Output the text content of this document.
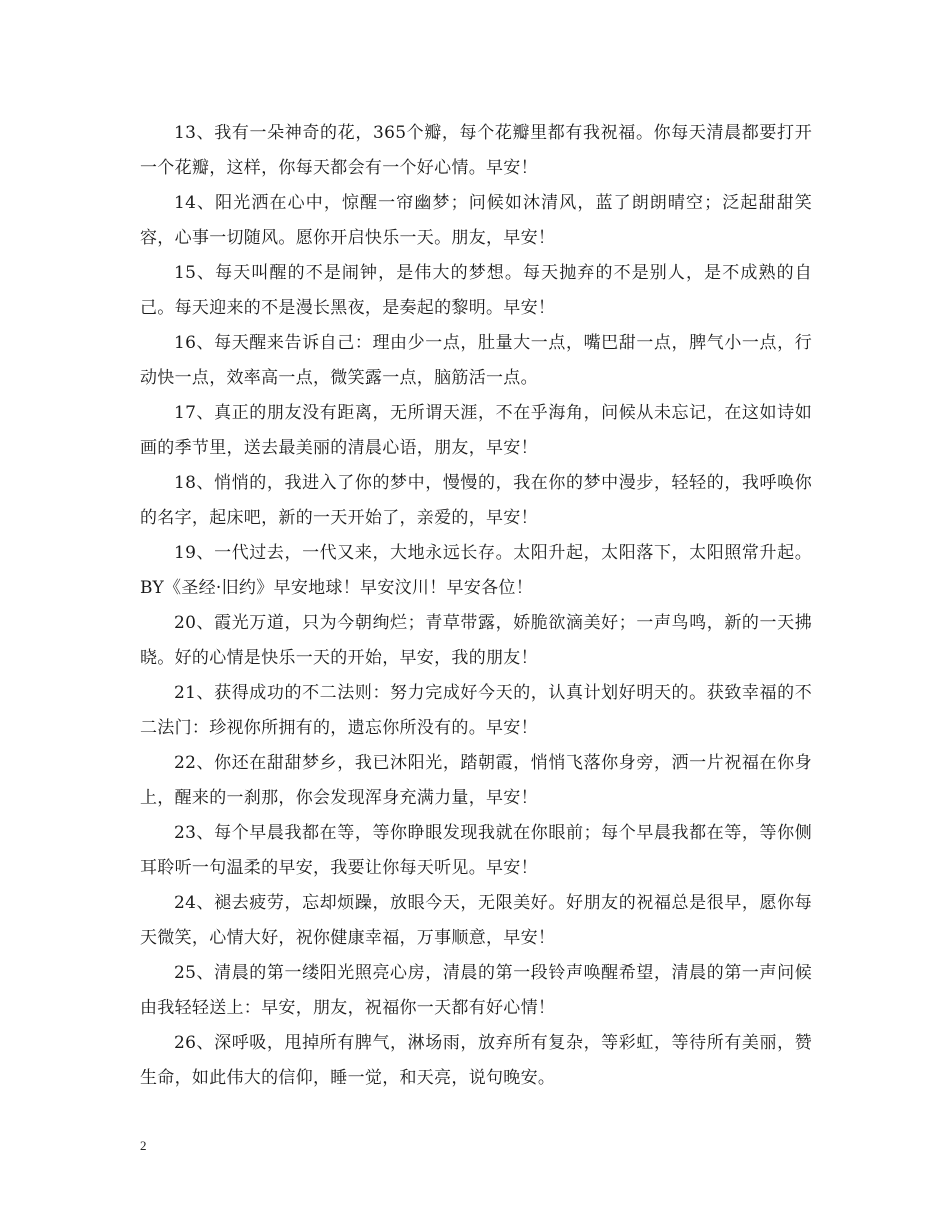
13、我有一朵神奇的花，365个瓣，每个花瓣里都有我祝福。你每天清晨都要打开一个花瓣，这样，你每天都会有一个好心情。早安！

14、阳光洒在心中，惊醒一帘幽梦；问候如沐清风，蓝了朗朗晴空；泛起甜甜笑容，心事一切随风。愿你开启快乐一天。朋友，早安！

15、每天叫醒的不是闹钟，是伟大的梦想。每天抛弃的不是别人，是不成熟的自己。每天迎来的不是漫长黑夜，是奏起的黎明。早安！

16、每天醒来告诉自己：理由少一点，肚量大一点，嘴巴甜一点，脾气小一点，行动快一点，效率高一点，微笑露一点，脑筋活一点。

17、真正的朋友没有距离，无所谓天涯，不在乎海角，问候从未忘记，在这如诗如画的季节里，送去最美丽的清晨心语，朋友，早安！

18、悄悄的，我进入了你的梦中，慢慢的，我在你的梦中漫步，轻轻的，我呼唤你的名字，起床吧，新的一天开始了，亲爱的，早安！

19、一代过去，一代又来，大地永远长存。太阳升起，太阳落下，太阳照常升起。BY《圣经·旧约》早安地球！早安汶川！早安各位！

20、霞光万道，只为今朝绚烂；青草带露，娇脆欲滴美好；一声鸟鸣，新的一天拂晓。好的心情是快乐一天的开始，早安，我的朋友！

21、获得成功的不二法则：努力完成好今天的，认真计划好明天的。获致幸福的不二法门：珍视你所拥有的，遗忘你所没有的。早安！

22、你还在甜甜梦乡，我已沐阳光，踏朝霞，悄悄飞落你身旁，洒一片祝福在你身上，醒来的一刹那，你会发现浑身充满力量，早安！

23、每个早晨我都在等，等你睁眼发现我就在你眼前；每个早晨我都在等，等你侧耳聆听一句温柔的早安，我要让你每天听见。早安！

24、褪去疲劳，忘却烦躁，放眼今天，无限美好。好朋友的祝福总是很早，愿你每天微笑，心情大好，祝你健康幸福，万事顺意，早安！

25、清晨的第一缕阳光照亮心房，清晨的第一段铃声唤醒希望，清晨的第一声问候由我轻轻送上：早安，朋友，祝福你一天都有好心情！

26、深呼吸，甩掉所有脾气，淋场雨，放弃所有复杂，等彩虹，等待所有美丽，赞生命，如此伟大的信仰，睡一觉，和天亮，说句晚安。

2
